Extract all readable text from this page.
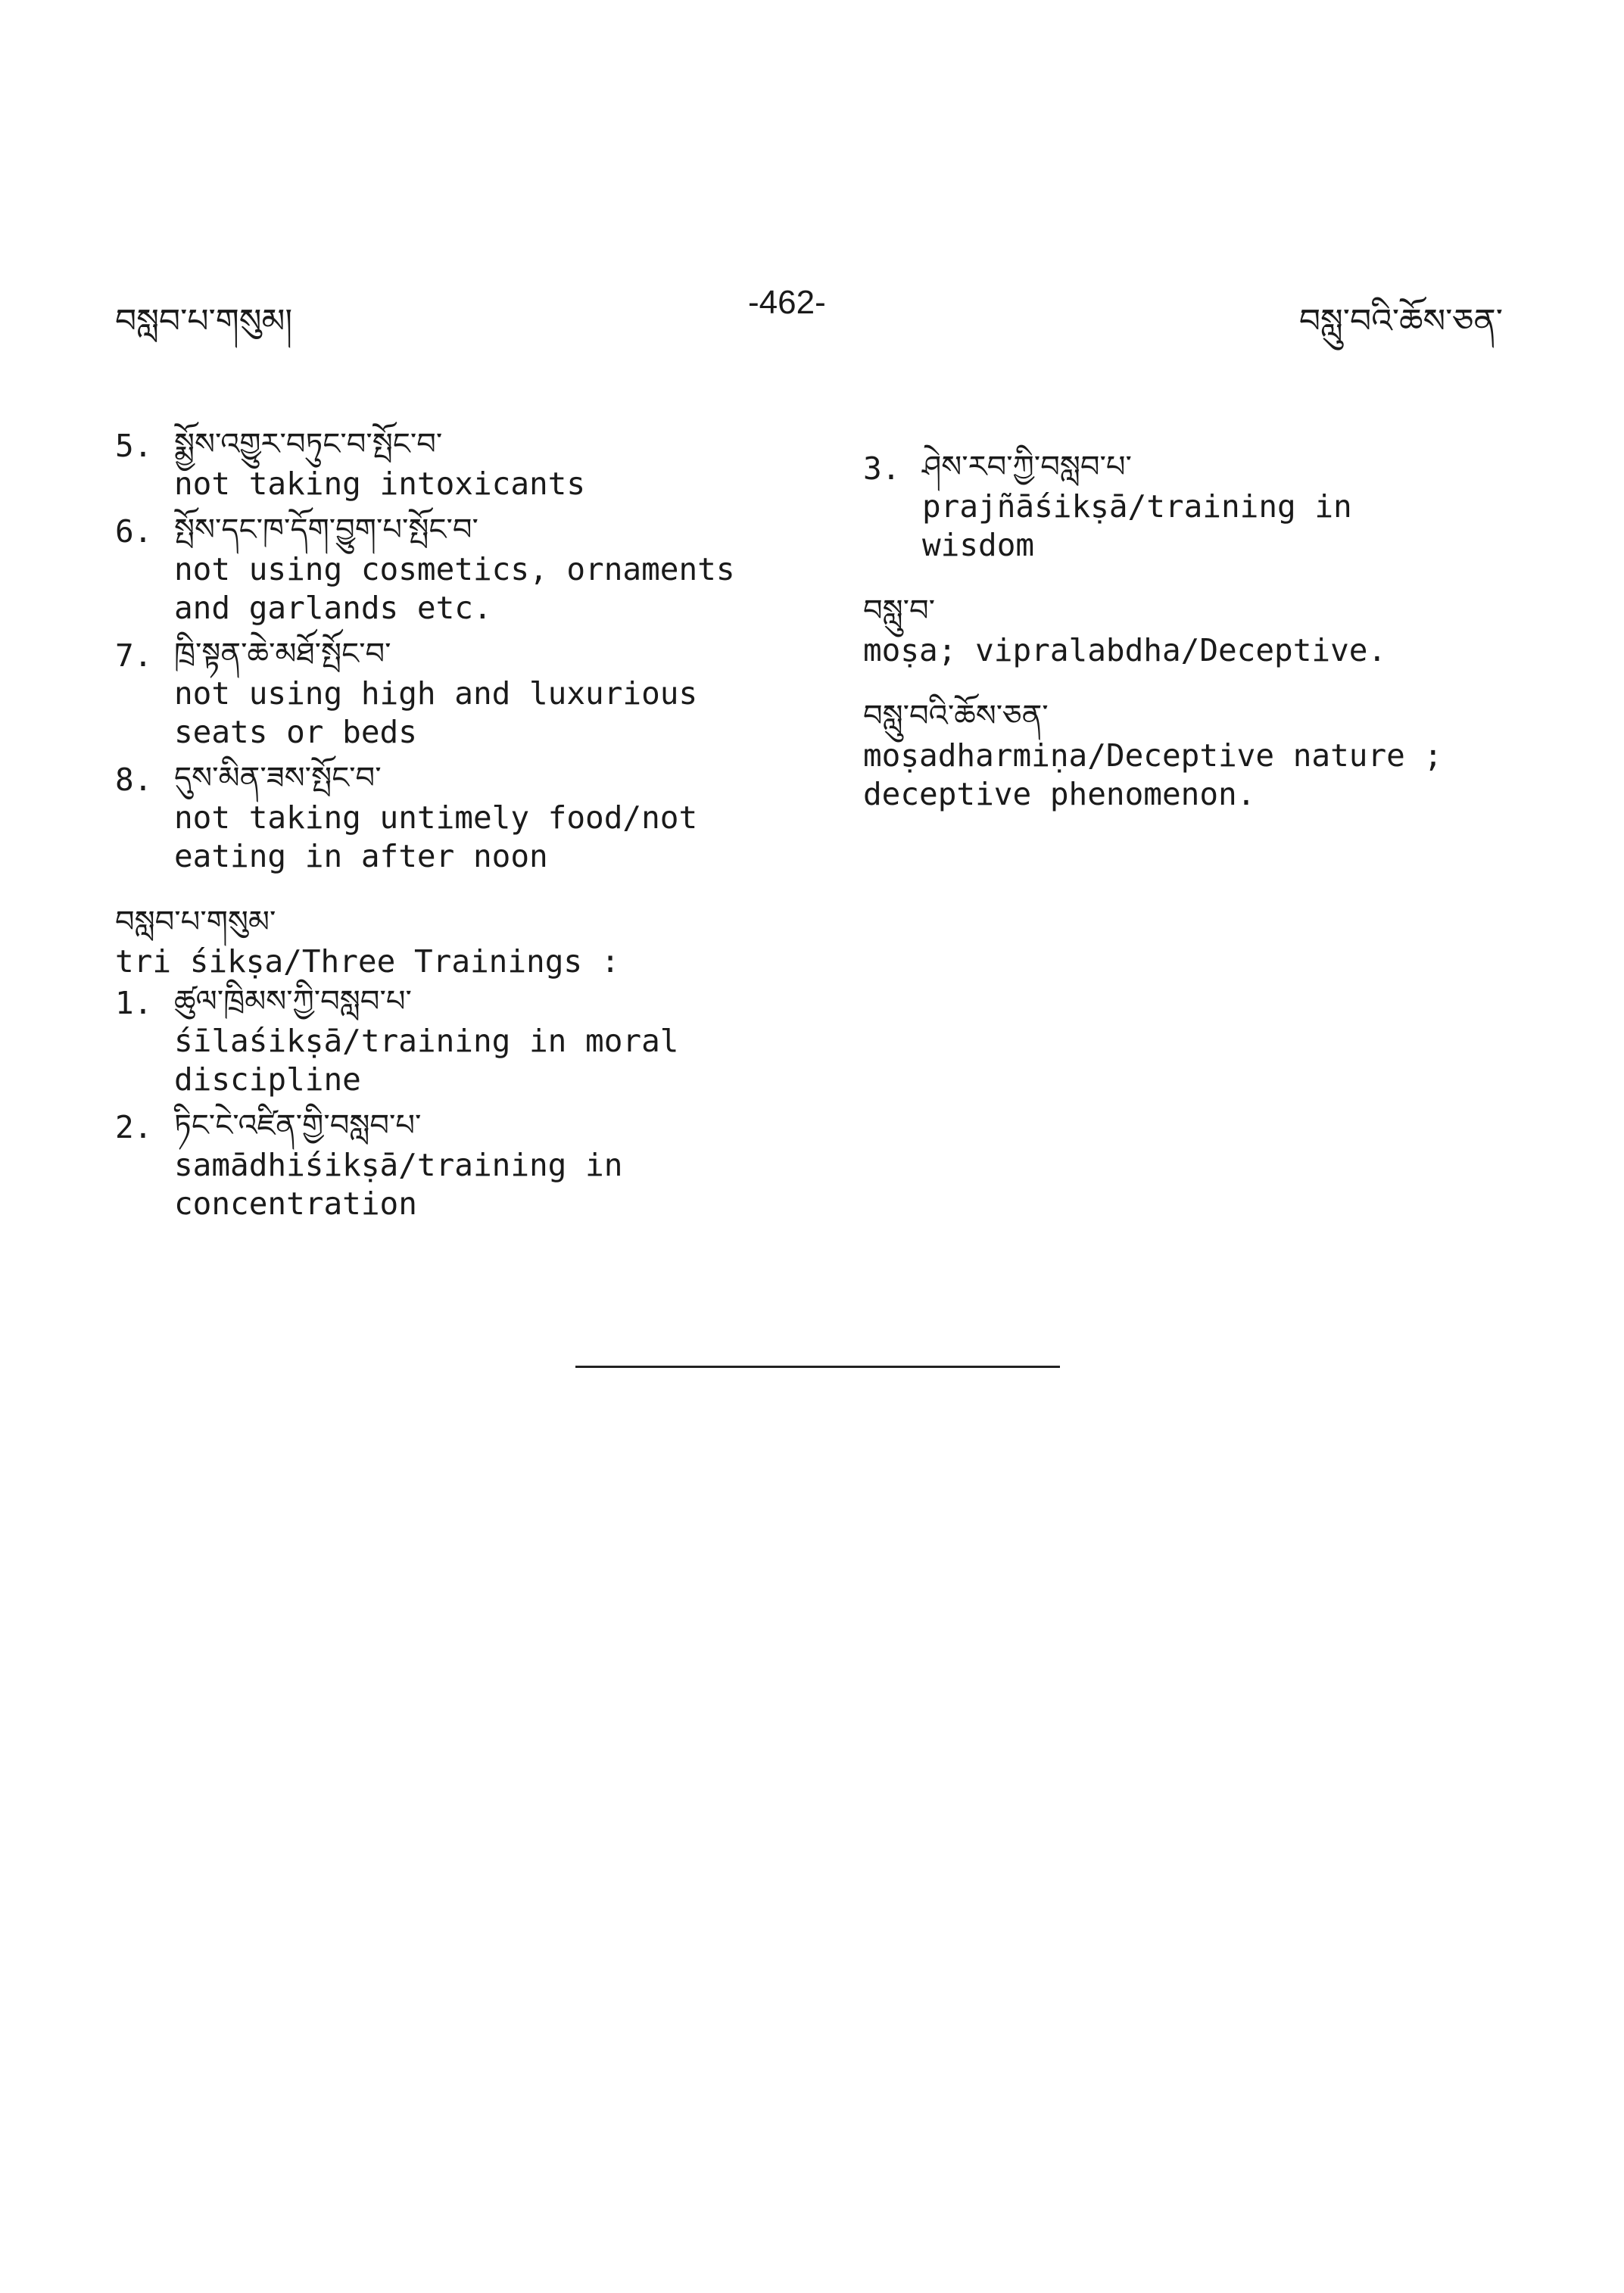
བསླབ་པ་གསུམ།	-462-	བསླུ་བའི་ཆོས་ཅན་
5. སྨྱོས་འགྱུར་བཏུང་བ་སྤོང་བ་
not taking intoxicants
6. སྤོས་དང་ཁ་དོག་བྱུག་པ་སྤོང་བ་
not using cosmetics, ornaments
and garlands etc.
7. ཁྲི་སྟན་ཆེ་མཐོ་སྤོང་བ་
not using high and luxurious
seats or beds
8. དུས་མིན་ཟས་སྤོང་བ་
not taking untimely food/not
eating in after noon
བསླབ་པ་གསུམ་
tri śikṣa/Three Trainings :
1. ཚུལ་ཁྲིམས་ཀྱི་བསླབ་པ་
śīlaśikṣā/training in moral
discipline
2. ཏིང་ངེ་འཛིན་གྱི་བསླབ་པ་
samādhiśikṣā/training in
concentration
3. ཤེས་རབ་ཀྱི་བསླབ་པ་
prajñāśikṣā/training in
wisdom
བསླུ་བ་
moṣa; vipralabdha/Deceptive.
བསླུ་བའི་ཆོས་ཅན་
moṣadharmiṇa/Deceptive nature ;
deceptive phenomenon.
